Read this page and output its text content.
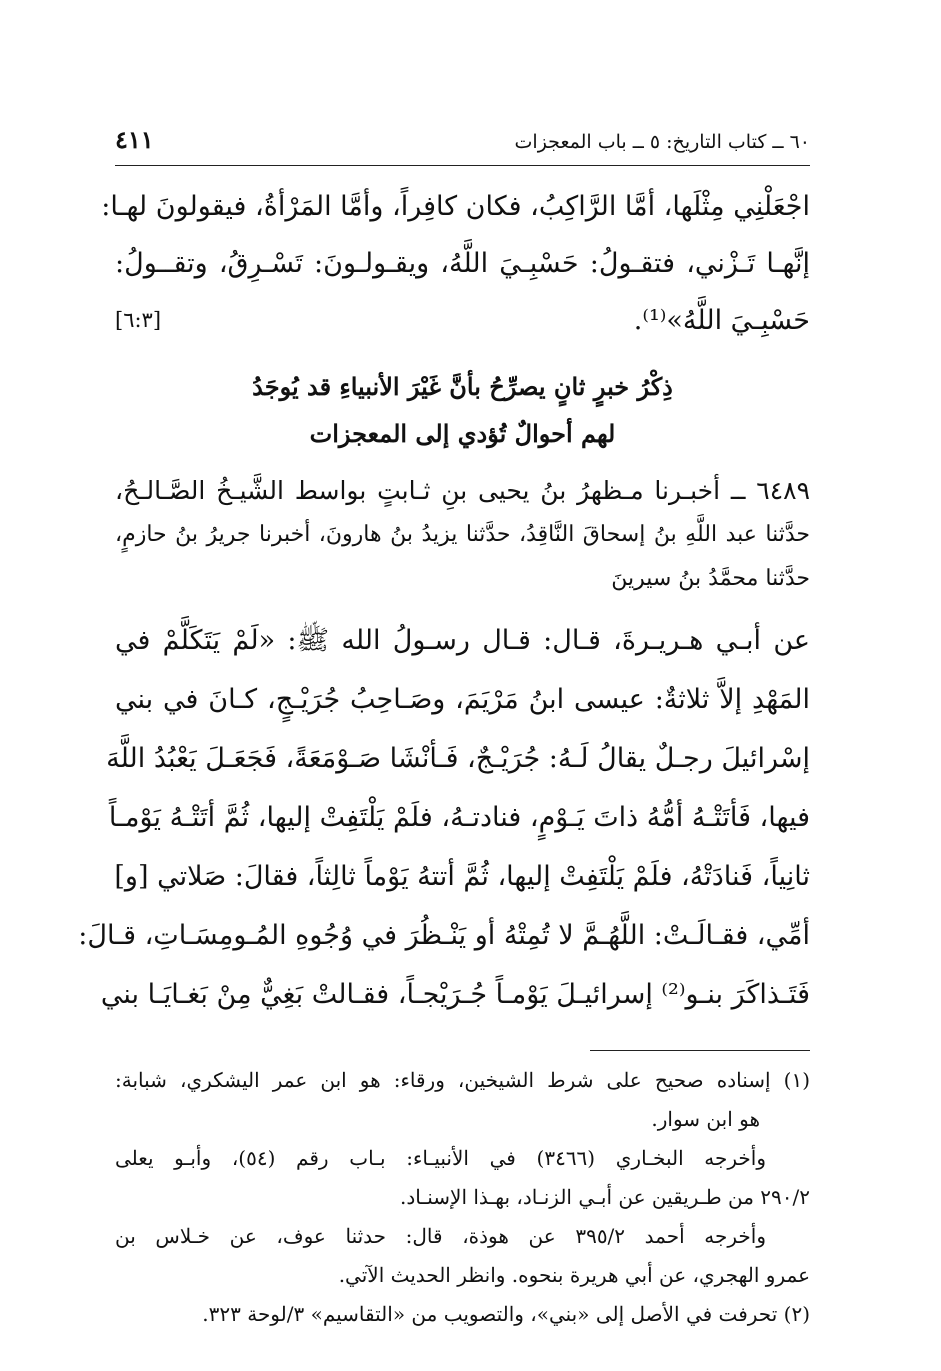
٦٠ ــ كتاب التاريخ: ٥ ــ باب المعجزات
٤١١
اجْعَلْنِي مِثْلَها، أمَّا الرَّاكِبُ، فكان كافِراً، وأمَّا المَرْأةُ، فيقولونَ لهـا:
إنَّهـا تَـزْني، فتقـولُ: حَسْبِـيَ اللَّهُ، ويقـولـونَ: تَسْـرِقُ، وتقــولُ:
حَسْبِـيَ اللَّهُ»⁽¹⁾.
[٦:٣]
ذِكْرُ خبرٍ ثانٍ يصرِّحُ بأنَّ غَيْرَ الأنبياءِ قد يُوجَدُ
لهم أحوالٌ تُؤدي إلى المعجزات
٦٤٨٩ ــ أخبـرنا مـظهرُ بنُ يحيى بنِ ثـابتٍ بواسط الشَّيـخُ الصَّـالـحُ،
حدَّثنا عبد اللَّهِ بنُ إسحاقَ النَّاقِدُ، حدَّثنا يزيدُ بنُ هارونَ، أخبرنا جريرُ بنُ حازمٍ،
حدَّثنا محمَّدُ بنُ سيرينَ
عن أبـي هـريـرةَ، قـال: قـال رسـولُ الله ﷺ: «لَمْ يَتَكَلَّمْ في
المَهْدِ إلاَّ ثلاثةٌ: عيسى ابنُ مَرْيَمَ، وصَـاحِبُ جُرَيْـجٍ، كـانَ في بني
إسْرائيلَ رجـلٌ يقالُ لَـهُ: جُرَيْـجٌ، فَـأنْشَا صَـوْمَعَةً، فَجَعَـلَ يَعْبُدُ اللَّهَ
فيها، فَأتَتْـهُ أمُّهُ ذاتَ يَـوْمٍ، فنادتـهُ، فلَمْ يَلْتَفِتْ إليها، ثُمَّ أتَتْـهُ يَوْمـاً
ثانِياً، فَنادَتْهُ، فلَمْ يَلْتَفِتْ إليها، ثُمَّ أتتهُ يَوْماً ثالِثاً، فقالَ: صَلاتي [و]
أمِّي، فقـالَـتْ: اللَّهُـمَّ لا تُمِتْهُ أو يَنْـظُرَ في وُجُوهِ المُـومِسَـاتِ، قـالَ:
فَتَـذاكَرَ بنـو⁽²⁾ إسرائيـلَ يَوْمـاً جُـرَيْجـاً، فقـالتْ بَغِيٌّ مِنْ بَغـايَـا بني
(١) إسناده صحيح على شرط الشيخين، ورقاء: هو ابن عمر اليشكري، شبابة:
هو ابن سوار.
وأخرجه البخـاري (٣٤٦٦) في الأنبيـاء: بـاب رقم (٥٤)، وأبـو يعلى
٢٩٠/٢ من طـريقين عن أبـي الزنـاد، بهـذا الإسنـاد.
وأخرجه أحمد ٣٩٥/٢ عن هوذة، قال: حدثنا عوف، عن خـلاس بن
عمرو الهجري، عن أبي هريرة بنحوه. وانظر الحديث الآتي.
(٢) تحرفت في الأصل إلى «بني»، والتصويب من «التقاسيم» ٣/لوحة ٣٢٣.
